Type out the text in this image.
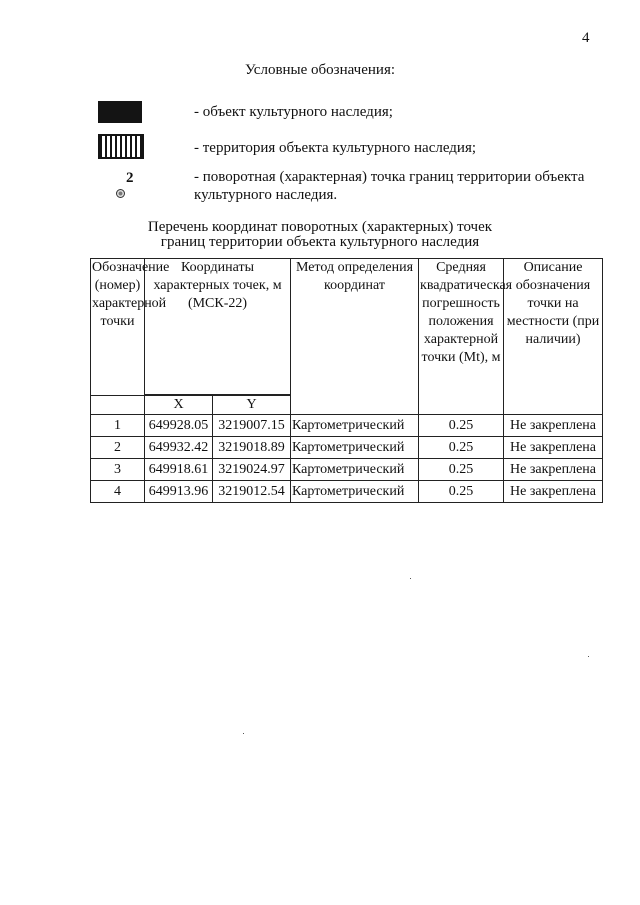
4
Условные обозначения:
- объект культурного наследия;
- территория объекта культурного наследия;
2	- поворотная (характерная) точка границ территории объекта культурного наследия.
Перечень координат поворотных (характерных) точек
границ территории объекта культурного наследия
Обозначение (номер) характерной точки	Координаты характерных точек, м (МСК-22)		Метод определения координат	Средняя квадратическая погрешность положения характерной точки (Mt), м	Описание обозначения точки на местности (при наличии)

	X	Y			
1	649928.05	3219007.15	Картометрический	0.25	Не закреплена
2	649932.42	3219018.89	Картометрический	0.25	Не закреплена
3	649918.61	3219024.97	Картометрический	0.25	Не закреплена
4	649913.96	3219012.54	Картометрический	0.25	Не закреплена
